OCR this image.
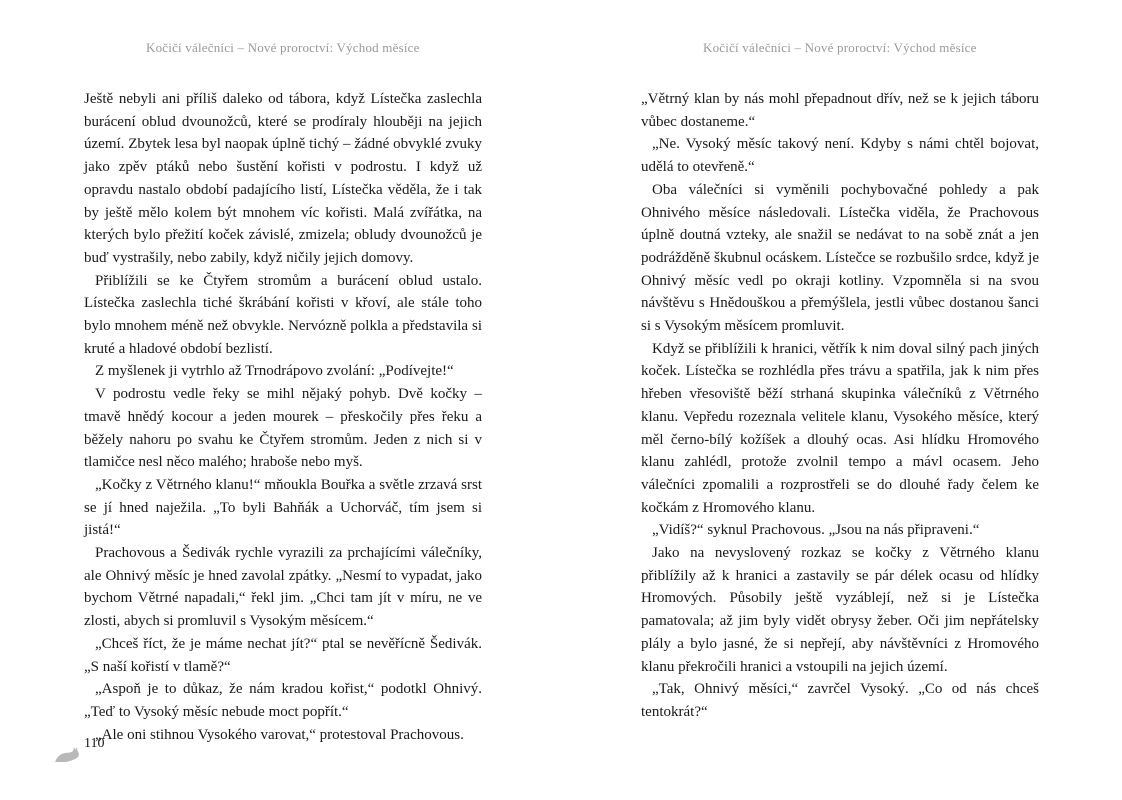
Kočičí válečníci – Nové proroctví: Východ měsíce

Ještě nebyli ani příliš daleko od tábora, když Lístečka zaslechla burácení oblud dvounožců, které se prodíraly hlouběji na jejich území. Zbytek lesa byl naopak úplně tichý – žádné obvyklé zvuky jako zpěv ptáků nebo šustění kořisti v podrostu. I když už opravdu nastalo období padajícího listí, Lístečka věděla, že i tak by ještě mělo kolem být mnohem víc kořisti. Malá zvířátka, na kterých bylo přežití koček závislé, zmizela; obludy dvounožců je buď vystrašily, nebo zabily, když ničily jejich domovy.

Přiblížili se ke Čtyřem stromům a burácení oblud ustalo. Lístečka zaslechla tiché škrábání kořisti v křoví, ale stále toho bylo mnohem méně než obvykle. Nervózně polkla a představila si kruté a hladové období bezlistí.

Z myšlenek ji vytrhlo až Trnodrápovo zvolání: „Podívejte!“

V podrostu vedle řeky se mihl nějaký pohyb. Dvě kočky – tmavě hnědý kocour a jeden mourek – přeskočily přes řeku a běžely nahoru po svahu ke Čtyřem stromům. Jeden z nich si v tlamičce nesl něco malého; hraboše nebo myš.

„Kočky z Větrného klanu!“ mňoukla Bouřka a světle zrzavá srst se jí hned naježila. „To byli Bahňák a Uchorváč, tím jsem si jistá!“

Prachovous a Šedivák rychle vyrazili za prchajícími válečníky, ale Ohnivý měsíc je hned zavolal zpátky. „Nesmí to vypadat, jako bychom Větrné napadali,“ řekl jim. „Chci tam jít v míru, ne ve zlosti, abych si promluvil s Vysokým měsícem.“

„Chceš říct, že je máme nechat jít?“ ptal se nevěřícně Šedivák. „S naší kořistí v tlamě?“

„Aspoň je to důkaz, že nám kradou kořist,“ podotkl Ohnivý. „Teď to Vysoký měsíc nebude moct popřít.“

„Ale oni stihnou Vysokého varovat,“ protestoval Prachovous.

110
Kočičí válečníci – Nové proroctví: Východ měsíce

„Větrný klan by nás mohl přepadnout dřív, než se k jejich táboru vůbec dostaneme.“

„Ne. Vysoký měsíc takový není. Kdyby s námi chtěl bojovat, udělá to otevřeně.“

Oba válečníci si vyměnili pochybovačné pohledy a pak Ohnivého měsíce následovali. Lístečka viděla, že Prachovous úplně doutná vzteky, ale snažil se nedávat to na sobě znát a jen podrážděně škubnul ocáskem. Lístečce se rozbušilo srdce, když je Ohnivý měsíc vedl po okraji kotliny. Vzpomněla si na svou návštěvu s Hnědouškou a přemýšlela, jestli vůbec dostanou šanci si s Vysokým měsícem promluvit.

Když se přiblížili k hranici, větřík k nim doval silný pach jiných koček. Lístečka se rozhlédla přes trávu a spatřila, jak k nim přes hřeben vřesoviště běží strhaná skupinka válečníků z Větrného klanu. Vepředu rozeznala velitele klanu, Vysokého měsíce, který měl černo-bílý kožíšek a dlouhý ocas. Asi hlídku Hromového klanu zahlédl, protože zvolnil tempo a mávl ocasem. Jeho válečníci zpomalili a rozprostřeli se do dlouhé řady čelem ke kočkám z Hromového klanu.

„Vidíš?“ syknul Prachovous. „Jsou na nás připraveni.“

Jako na nevyslovený rozkaz se kočky z Větrného klanu přiblížily až k hranici a zastavily se pár délek ocasu od hlídky Hromových. Působily ještě vyzáblejí, než si je Lístečka pamatovala; až jim byly vidět obrysy žeber. Oči jim nepřátelsky plály a bylo jasné, že si nepřejí, aby návštěvníci z Hromového klanu překročili hranici a vstoupili na jejich území.

„Tak, Ohnivý měsíci,“ zavrčel Vysoký. „Co od nás chceš tentokrát?“
